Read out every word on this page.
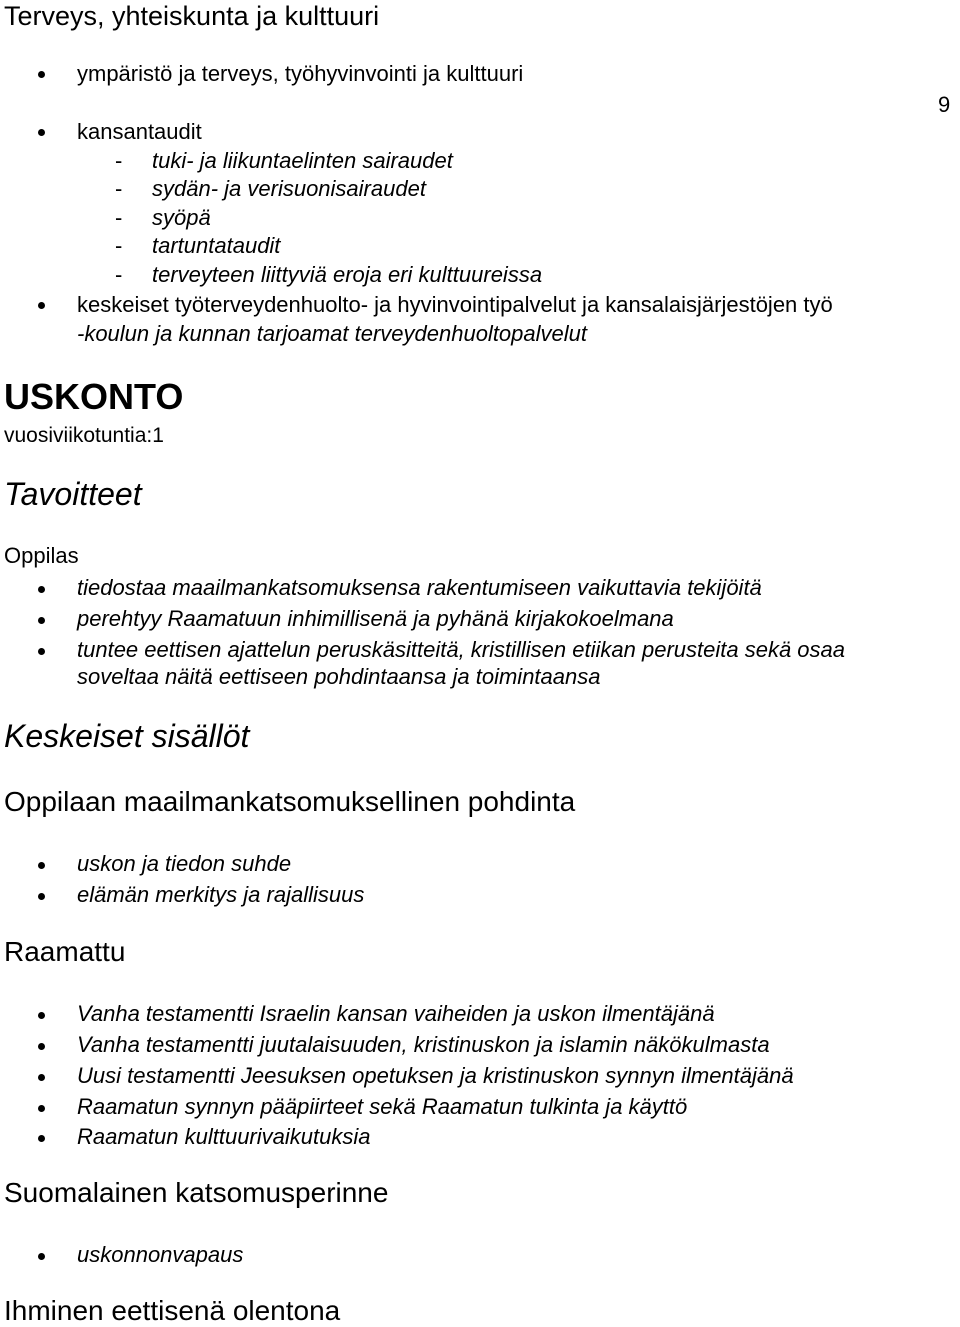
9
Terveys, yhteiskunta ja kulttuuri
ympäristö ja terveys, työhyvinvointi ja kulttuuri
kansantaudit
- tuki- ja liikuntaelinten sairaudet
- sydän- ja verisuonisairaudet
- syöpä
- tartuntataudit
- terveyteen liittyviä eroja eri kulttuureissa
keskeiset työterveydenhuolto- ja hyvinvointipalvelut ja kansalaisjärjestöjen työ
-koulun ja kunnan tarjoamat terveydenhuoltopalvelut
USKONTO
vuosiviikotuntia:1
Tavoitteet
Oppilas
tiedostaa maailmankatsomuksensa rakentumiseen vaikuttavia tekijöitä
perehtyy Raamatuun inhimillisenä ja pyhänä kirjakokoelmana
tuntee eettisen ajattelun peruskäsitteitä, kristillisen etiikan perusteita sekä osaa
soveltaa näitä eettiseen pohdintaansa ja toimintaansa
Keskeiset sisällöt
Oppilaan maailmankatsomuksellinen pohdinta
uskon ja tiedon suhde
elämän merkitys ja rajallisuus
Raamattu
Vanha testamentti Israelin kansan vaiheiden ja uskon ilmentäjänä
Vanha testamentti juutalaisuuden, kristinuskon ja islamin näkökulmasta
Uusi testamentti Jeesuksen opetuksen ja kristinuskon synnyn ilmentäjänä
Raamatun synnyn pääpiirteet sekä Raamatun tulkinta ja käyttö
Raamatun kulttuurivaikutuksia
Suomalainen katsomusperinne
uskonnonvapaus
Ihminen eettisenä olentona
